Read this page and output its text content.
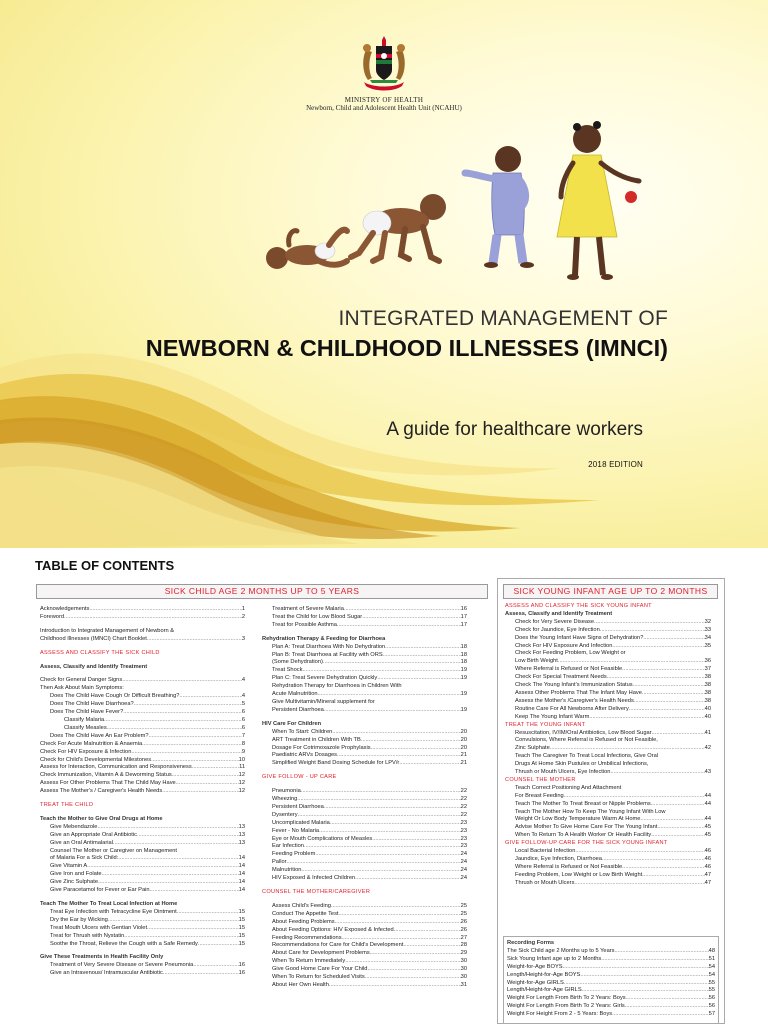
MINISTRY OF HEALTH
Newborn, Child and Adolescent Health Unit (NCAHU)
INTEGRATED MANAGEMENT OF
NEWBORN & CHILDHOOD ILLNESSES (IMNCI)
A guide for healthcare workers
2018 EDITION
TABLE OF CONTENTS
SICK CHILD AGE 2 MONTHS UP TO 5 YEARS	SICK YOUNG INFANT AGE UP TO 2 MONTHS
Acknowledgements .....	1
Foreword .....	2
Introduction to Integrated Management of Newborn &
Childhood Illnesses (IMNCI) Chart Booklet .....	3
ASSESS AND CLASSIFY THE SICK CHILD
Assess, Classify and Identify Treatment
Check for General Danger Signs .....	4
Then Ask About Main Symptoms:
Does The Child Have Cough Or Difficult Breathing? .....	4
Does The Child Have Diarrhoea? .....	5
Does The Child Have Fever? .....	6
Classify Malaria .....	6
Classify Measles .....	6
Does The Child Have An Ear Problem? .....	7
Check For Acute Malnutrition & Anaemia .....	8
Check For HIV Exposure & Infection .....	9
Check for Child's Developmental Milestones .....	10
Assess for Interaction, Communication and Responsiveness .....	11
Check Immunization, Vitamin A & Deworming Status .....	12
Assess For Other Problems That The Child May Have .....	12
Assess The Mother's / Caregiver's Health Needs .....	12
TREAT THE CHILD
Teach the Mother to Give Oral Drugs at Home
Give Mebendazole .....	13
Give an Appropriate Oral Antibiotic .....	13
Give an Oral Antimalarial .....	13
Counsel The Mother or Caregiver on Management
of Malaria For a Sick Child: .....	14
Give Vitamin A .....	14
Give Iron and Folate .....	14
Give Zinc Sulphate .....	14
Give Paracetamol for Fever or Ear Pain .....	14
Teach The Mother To Treat Local Infection at Home
Treat Eye Infection with Tetracycline Eye Ointment .....	15
Dry the Ear by Wicking .....	15
Treat Mouth Ulcers with Gentian Violet .....	15
Treat for Thrush with Nystatin .....	15
Soothe the Throat, Relieve the Cough with a Safe Remedy .....	15
Give These Treatments in Health Facility Only
Treatment of Very Severe Disease or Severe Pneumonia .....	16
Give an Intravenous/ Intramuscular Antibiotic .....	16
Treatment of Severe Malaria .....	16
Treat the Child for Low Blood Sugar .....	17
Treat for Possible Asthma .....	17
Rehydration Therapy & Feeding for Diarrhoea
Plan A: Treat Diarrhoea With No Dehydration .....	18
Plan B: Treat Diarrhoea at Facility with ORS .....	18
(Some Dehydration) .....	18
Treat Shock .....	19
Plan C: Treat Severe Dehydration Quickly .....	19
Rehydration Therapy for Diarrhoea in Children With
Acute Malnutrition .....	19
Give Multivitamin/Mineral supplement for
Persistent Diarrhoea .....	19
HIV Care For Children
When To Start: Children .....	20
ART Treatment in Children With TB .....	20
Dosage For Cotrimoxazole Prophylaxis .....	20
Paediatric ARVs Dosages .....	21
Simplified Weight Band Dosing Schedule for LPV/r .....	21
GIVE FOLLOW - UP CARE
Pneumonia .....	22
Wheezing .....	22
Persistent Diarrhoea .....	22
Dysentery .....	22
Uncomplicated Malaria .....	23
Fever - No Malaria .....	23
Eye or Mouth Complications of Measles .....	23
Ear Infection .....	23
Feeding Problem .....	24
Pallor .....	24
Malnutrition .....	24
HIV Exposed & Infected Children .....	24
COUNSEL THE MOTHER/CAREGIVER
Assess Child's Feeding .....	25
Conduct The Appetite Test .....	25
About Feeding Problems .....	26
About Feeding Options: HIV Exposed & Infected .....	26
Feeding Recommendations .....	27
Recommendations for Care for Child's Development .....	28
About Care for Development Problems .....	29
When To Return Immediately .....	30
Give Good Home Care For Your Child .....	30
When To Return for Scheduled Visits .....	30
About Her Own Health .....	31
ASSESS AND CLASSIFY THE SICK YOUNG INFANT
Assess, Classify and Identify Treatment
Check for Very Severe Disease .....	32
Check for Jaundice, Eye Infection .....	33
Does the Young Infant Have Signs of Dehydration? .....	34
Check For HIV Exposure And Infection .....	35
Check For Feeding Problem, Low Weight or
Low Birth Weight .....	36
Where Referral is Refused or Not Feasible .....	37
Check For Special Treatment Needs .....	38
Check The Young Infant's Immunization Status .....	38
Assess Other Problems That The Infant May Have .....	38
Assess the Mother's /Caregiver's Health Needs .....	38
Routine Care For All Newborns After Delivery .....	40
Keep The Young Infant Warm .....	40
TREAT THE YOUNG INFANT
Resuscitation, IV/IM/Oral Antibiotics, Low Blood Sugar .....	41
Convulsions, Where Referral is Refused or Not Feasible,
Zinc Sulphate .....	42
Teach The Caregiver To Treat Local Infections, Give Oral
Drugs At Home Skin Pustules or Umbilical Infections,
Thrush or Mouth Ulcers, Eye Infection .....	43
COUNSEL THE MOTHER
Teach Correct Positioning And Attachment
For Breast Feeding .....	44
Teach The Mother To Treat Breast or Nipple Problems .....	44
Teach The Mother How To Keep The Young Infant With Low
Weight Or Low Body Temperature Warm At Home .....	44
Advise Mother To Give Home Care For The Young Infant .....	45
When To Return To A Health Worker Or Health Facility .....	45
GIVE FOLLOW-UP CARE FOR THE SICK YOUNG INFANT
Local Bacterial Infection .....	46
Jaundice, Eye Infection, Diarrhoea .....	46
Where Referral is Refused or Not Feasible .....	46
Feeding Problem, Low Weight or Low Birth Weight .....	47
Thrush or Mouth Ulcers .....	47
Recording Forms
The Sick Child age 2 Months up to 5 Years .....	48
Sick Young Infant age up to 2 Months .....	51
Weight-for-Age BOYS .....	54
Length/Height-for-Age BOYS .....	54
Weight-for-Age GIRLS .....	55
Length/Height-for-Age GIRLS .....	55
Weight For Length From Birth To 2 Years: Boys .....	56
Weight For Length From Birth To 2 Years: Girls .....	56
Weight For Height From 2 - 5 Years: Boys .....	57
